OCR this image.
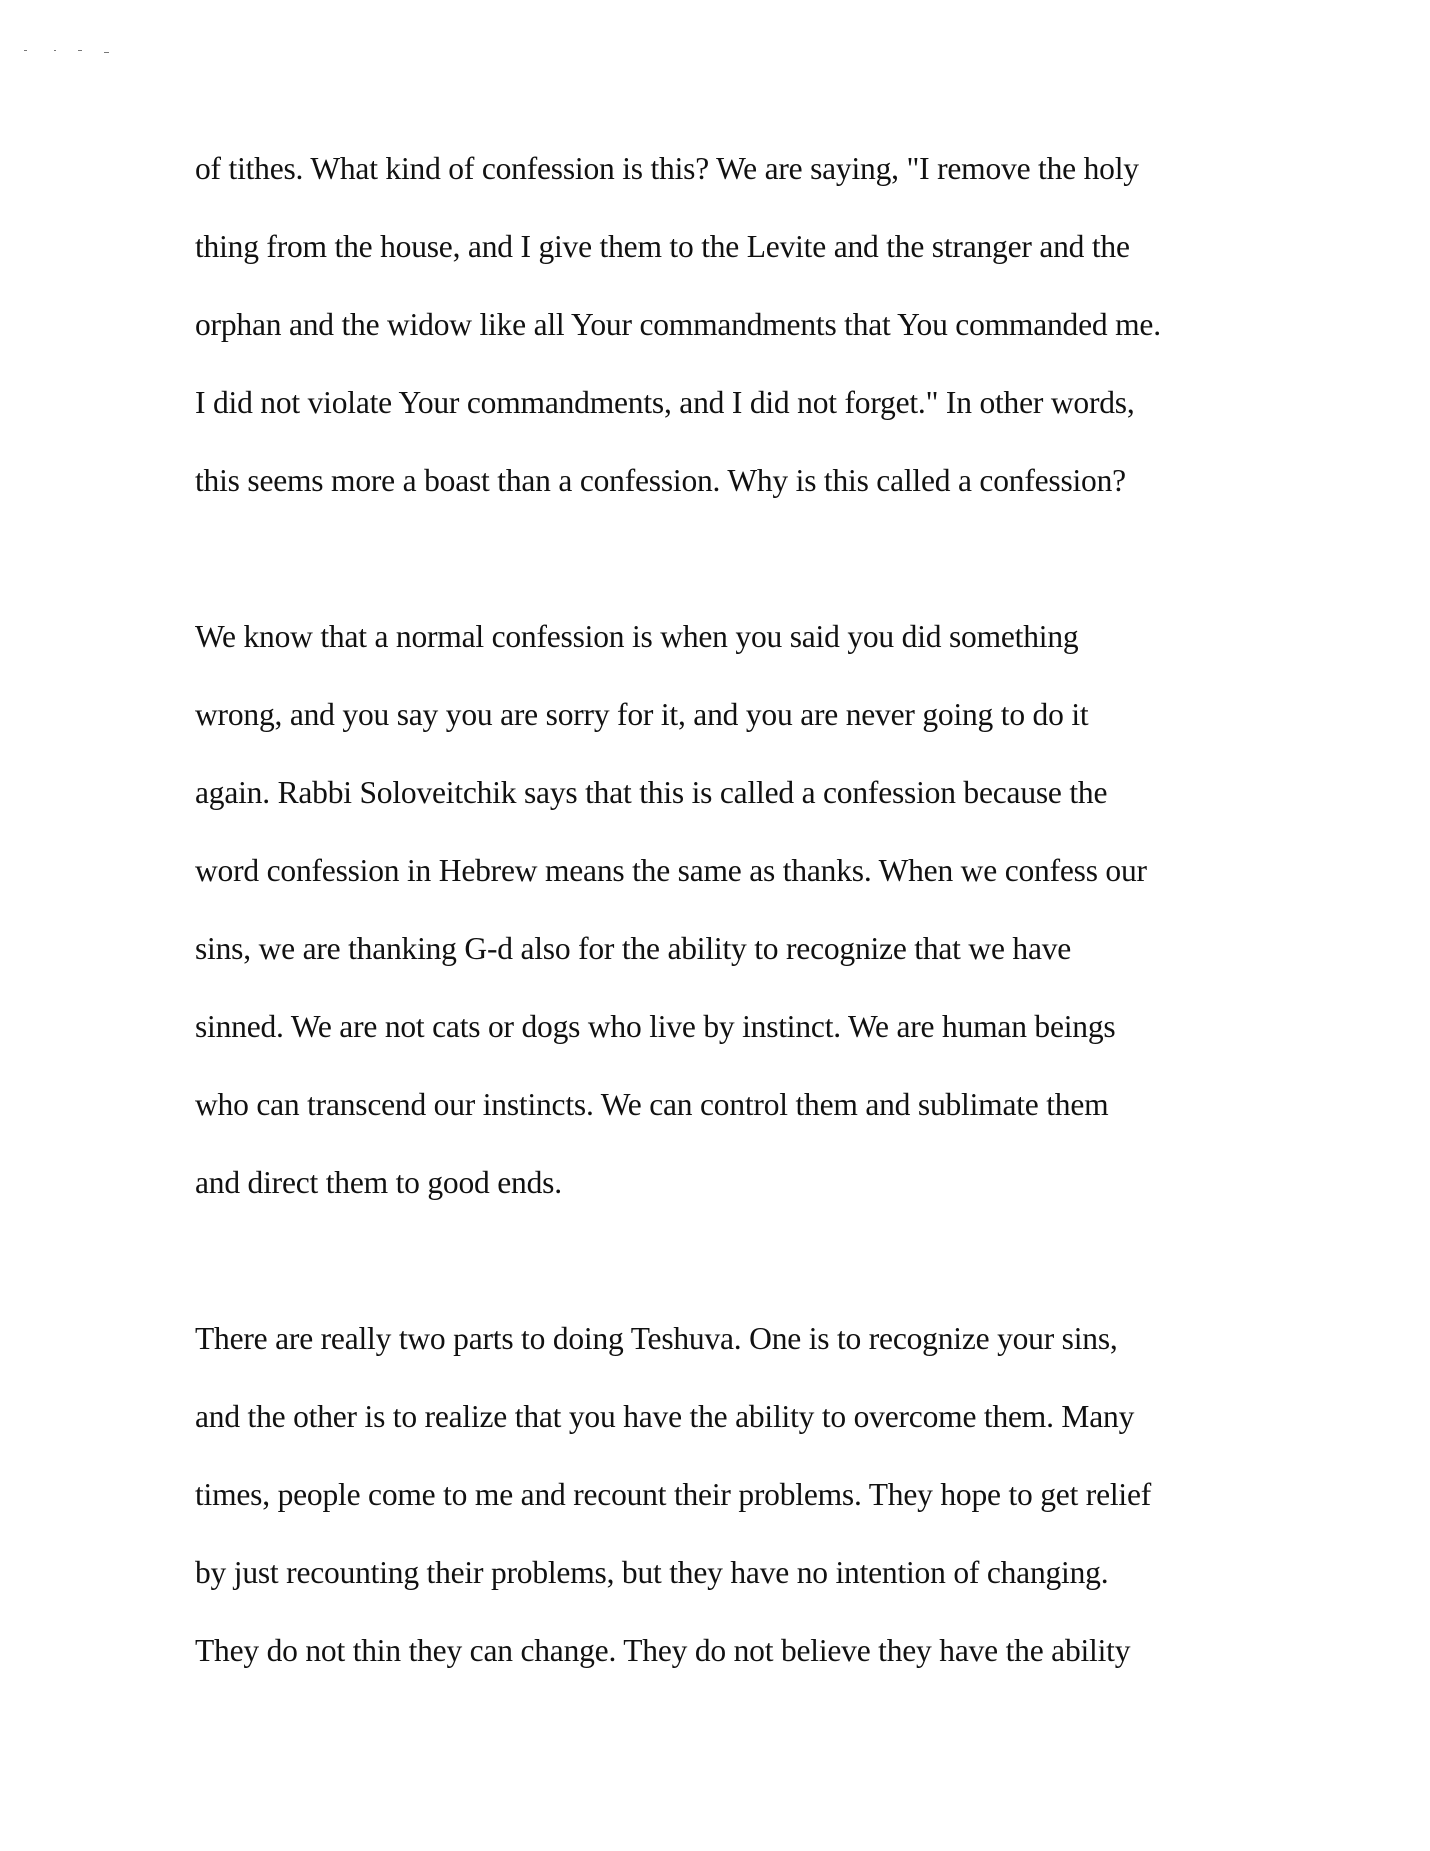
of tithes. What kind of confession is this? We are saying, "I remove the holy
thing from the house, and I give them to the Levite and the stranger and the
orphan and the widow like all Your commandments that You commanded me.
I did not violate Your commandments, and I did not forget." In other words,
this seems more a boast than a confession. Why is this called a confession?
We know that a normal confession is when you said you did something
wrong, and you say you are sorry for it, and you are never going to do it
again. Rabbi Soloveitchik says that this is called a confession because the
word confession in Hebrew means the same as thanks. When we confess our
sins, we are thanking G-d also for the ability to recognize that we have
sinned. We are not cats or dogs who live by instinct. We are human beings
who can transcend our instincts. We can control them and sublimate them
and direct them to good ends.
There are really two parts to doing Teshuva. One is to recognize your sins,
and the other is to realize that you have the ability to overcome them. Many
times, people come to me and recount their problems. They hope to get relief
by just recounting their problems, but they have no intention of changing.
They do not thin they can change. They do not believe they have the ability
